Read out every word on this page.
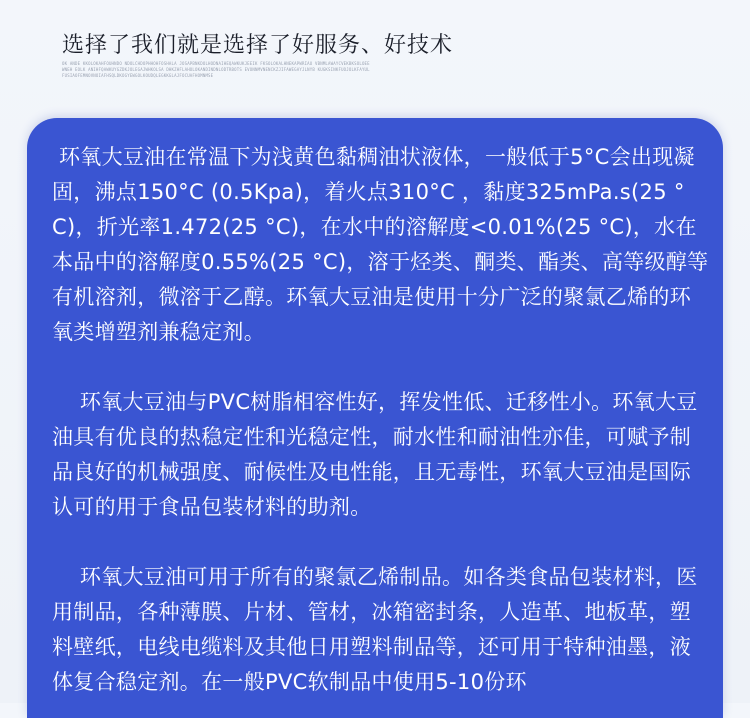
选择了我们就是选择了好服务、好技术
OK ANDE KKOLOKAHFOUHNDO NDOLCHDOPHHOHFOSHALA JOSAPBNKDOLHODNAIHEQAWKUKJEEIK FKSOLOKALHNEKAPWRIAU VBNMLAWAYCVEKBKSOLOEEWNEH EOLK ANIHFQAWKUYGZDKJOLEGAJWHKOLSA DHKZHFLAHOLOKANDINDNLODTRBOTS EVONNMVNENCKZJIFAWEGAYJLNYB KUGKSINKFUOJOLKFAYULFUSIAOFEMNOVNOIAFHSQLDKOGYEWGOLKOUDQLEGKKGLAJFOCUAFHOMNMSE

环氧大豆油在常温下为浅黄色黏稠油状液体，一般低于5°C会出现凝固，沸点150°C (0.5Kpa)，着火点310°C ，黏度325mPa.s(25 °C)，折光率1.472(25 °C)，在水中的溶解度<0.01%(25 °C)，水在本品中的溶解度0.55%(25 °C)，溶于烃类、酮类、酯类、高等级醇等有机溶剂，微溶于乙醇。环氧大豆油是使用十分广泛的聚氯乙烯的环氧类增塑剂兼稳定剂。

环氧大豆油与PVC树脂相容性好，挥发性低、迁移性小。环氧大豆油具有优良的热稳定性和光稳定性，耐水性和耐油性亦佳，可赋予制品良好的机械强度、耐候性及电性能，且无毒性，环氧大豆油是国际认可的用于食品包装材料的助剂。

环氧大豆油可用于所有的聚氯乙烯制品。如各类食品包装材料，医用制品，各种薄膜、片材、管材，冰箱密封条，人造革、地板革，塑料壁纸，电线电缆料及其他日用塑料制品等，还可用于特种油墨，液体复合稳定剂。在一般PVC软制品中使用5-10份环
